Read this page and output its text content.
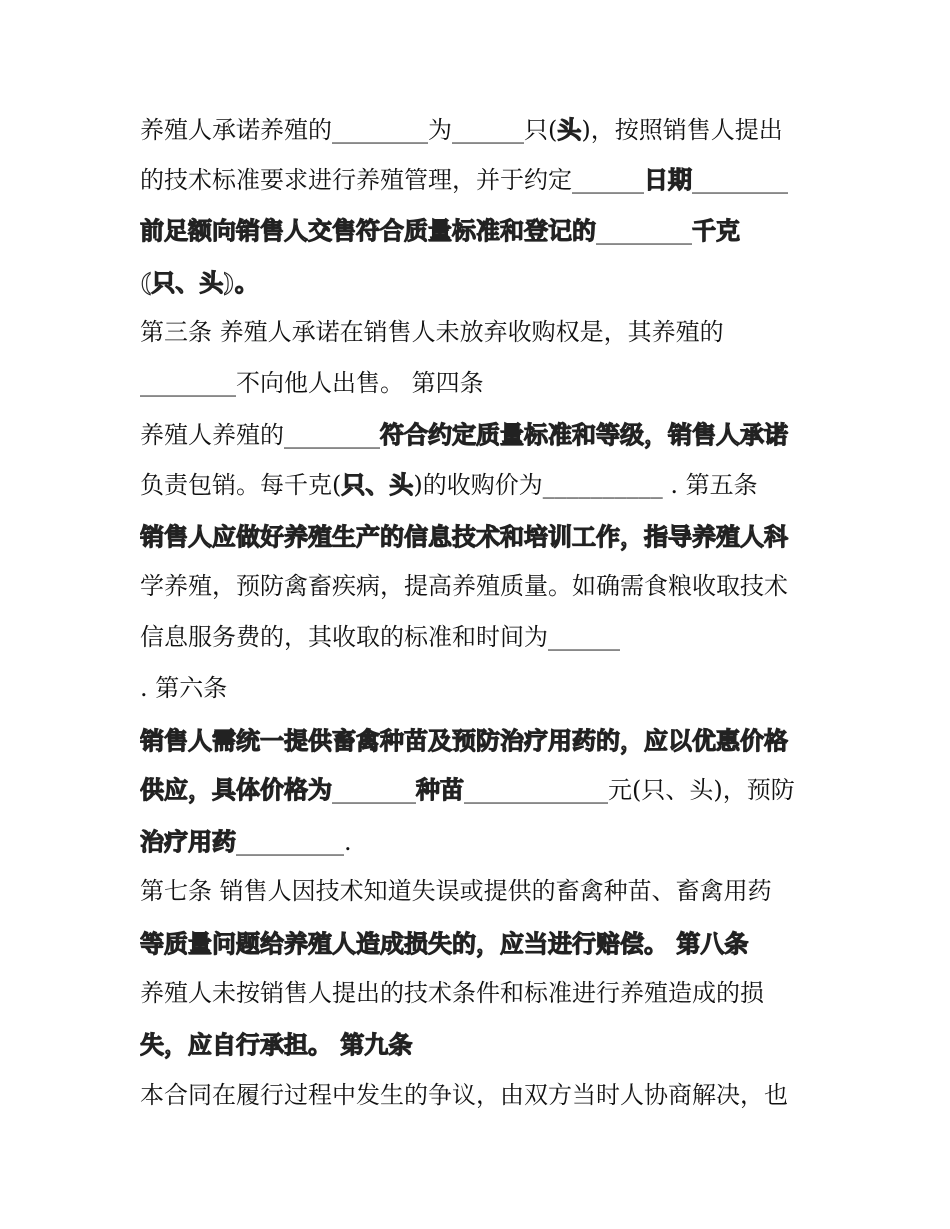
养殖人承诺养殖的________为______只(头)，按照销售人提出
的技术标准要求进行养殖管理，并于约定______日期________
前足额向销售人交售符合质量标准和登记的________千克
(只、头)。
第三条 养殖人承诺在销售人未放弃收购权是，其养殖的
________不向他人出售。 第四条
养殖人养殖的________符合约定质量标准和等级，销售人承诺
负责包销。每千克(只、头)的收购价为__________ . 第五条
销售人应做好养殖生产的信息技术和培训工作，指导养殖人科
学养殖，预防禽畜疾病，提高养殖质量。如确需食粮收取技术
信息服务费的，其收取的标准和时间为______
. 第六条
销售人需统一提供畜禽种苗及预防治疗用药的，应以优惠价格
供应，具体价格为_______种苗____________元(只、头)，预防
治疗用药_________.
第七条 销售人因技术知道失误或提供的畜禽种苗、畜禽用药
等质量问题给养殖人造成损失的，应当进行赔偿。 第八条
养殖人未按销售人提出的技术条件和标准进行养殖造成的损
失，应自行承担。 第九条
本合同在履行过程中发生的争议，由双方当时人协商解决，也
